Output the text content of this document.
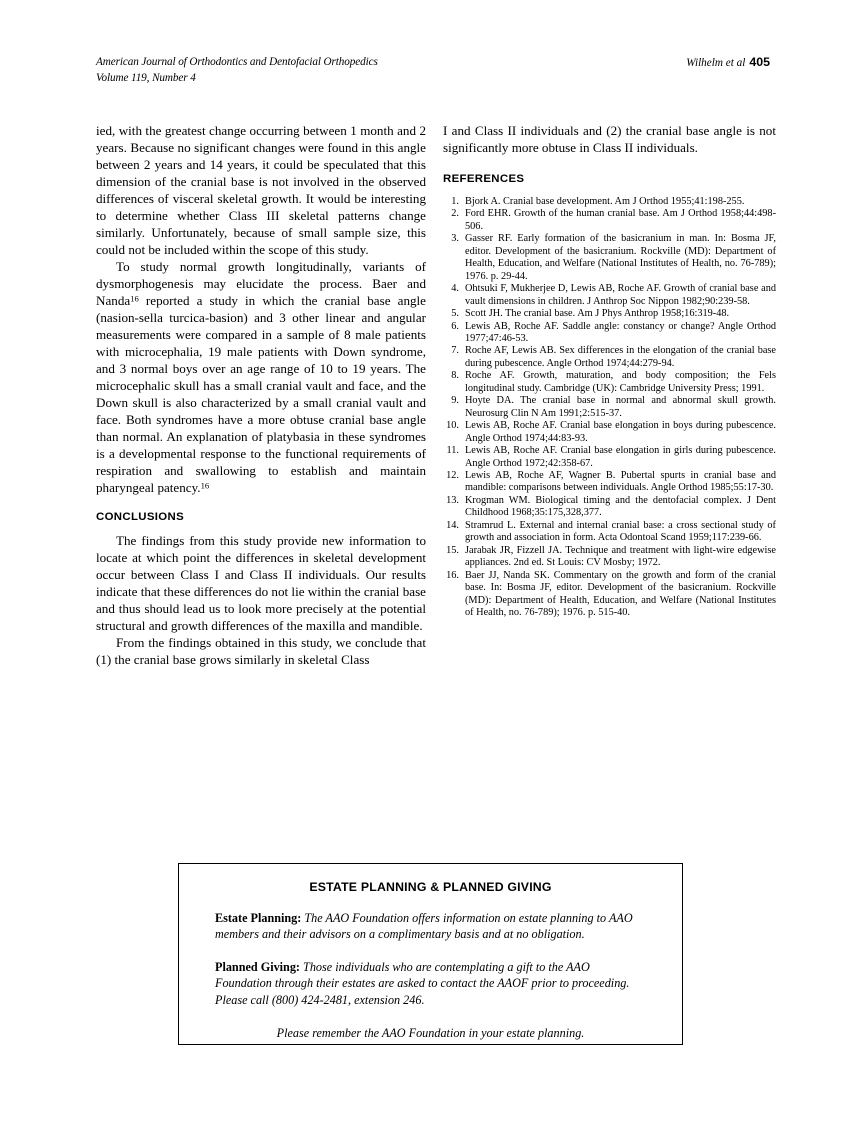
American Journal of Orthodontics and Dentofacial Orthopedics
Volume 119, Number 4
Wilhelm et al 405

ied, with the greatest change occurring between 1 month and 2 years. Because no significant changes were found in this angle between 2 years and 14 years, it could be speculated that this dimension of the cranial base is not involved in the observed differences of visceral skeletal growth. It would be interesting to determine whether Class III skeletal patterns change similarly. Unfortunately, because of small sample size, this could not be included within the scope of this study.

To study normal growth longitudinally, variants of dysmorphogenesis may elucidate the process. Baer and Nanda$^{16}$ reported a study in which the cranial base angle (nasion-sella turcica-basion) and 3 other linear and angular measurements were compared in a sample of 8 male patients with microcephalia, 19 male patients with Down syndrome, and 3 normal boys over an age range of 10 to 19 years. The microcephalic skull has a small cranial vault and face, and the Down skull is also characterized by a small cranial vault and face. Both syndromes have a more obtuse cranial base angle than normal. An explanation of platybasia in these syndromes is a developmental response to the functional requirements of respiration and swallowing to establish and maintain pharyngeal patency.$^{16}$

CONCLUSIONS

The findings from this study provide new information to locate at which point the differences in skeletal development occur between Class I and Class II individuals. Our results indicate that these differences do not lie within the cranial base and thus should lead us to look more precisely at the potential structural and growth differences of the maxilla and mandible.

From the findings obtained in this study, we conclude that (1) the cranial base grows similarly in skeletal Class

I and Class II individuals and (2) the cranial base angle is not significantly more obtuse in Class II individuals.

REFERENCES
1. Bjork A. Cranial base development. Am J Orthod 1955;41:198-255.
2. Ford EHR. Growth of the human cranial base. Am J Orthod 1958;44:498-506.
3. Gasser RF. Early formation of the basicranium in man. In: Bosma JF, editor. Development of the basicranium. Rockville (MD): Department of Health, Education, and Welfare (National Institutes of Health, no. 76-789); 1976. p. 29-44.
4. Ohtsuki F, Mukherjee D, Lewis AB, Roche AF. Growth of cranial base and vault dimensions in children. J Anthrop Soc Nippon 1982;90:239-58.
5. Scott JH. The cranial base. Am J Phys Anthrop 1958;16:319-48.
6. Lewis AB, Roche AF. Saddle angle: constancy or change? Angle Orthod 1977;47:46-53.
7. Roche AF, Lewis AB. Sex differences in the elongation of the cranial base during pubescence. Angle Orthod 1974;44:279-94.
8. Roche AF. Growth, maturation, and body composition; the Fels longitudinal study. Cambridge (UK): Cambridge University Press; 1991.
9. Hoyte DA. The cranial base in normal and abnormal skull growth. Neurosurg Clin N Am 1991;2:515-37.
10. Lewis AB, Roche AF. Cranial base elongation in boys during pubescence. Angle Orthod 1974;44:83-93.
11. Lewis AB, Roche AF. Cranial base elongation in girls during pubescence. Angle Orthod 1972;42:358-67.
12. Lewis AB, Roche AF, Wagner B. Pubertal spurts in cranial base and mandible: comparisons between individuals. Angle Orthod 1985;55:17-30.
13. Krogman WM. Biological timing and the dentofacial complex. J Dent Childhood 1968;35:175,328,377.
14. Stramrud L. External and internal cranial base: a cross sectional study of growth and association in form. Acta Odontoal Scand 1959;117:239-66.
15. Jarabak JR, Fizzell JA. Technique and treatment with light-wire edgewise appliances. 2nd ed. St Louis: CV Mosby; 1972.
16. Baer JJ, Nanda SK. Commentary on the growth and form of the cranial base. In: Bosma JF, editor. Development of the basicranium. Rockville (MD): Department of Health, Education, and Welfare (National Institutes of Health, no. 76-789); 1976. p. 515-40.
ESTATE PLANNING & PLANNED GIVING

Estate Planning: The AAO Foundation offers information on estate planning to AAO members and their advisors on a complimentary basis and at no obligation.

Planned Giving: Those individuals who are contemplating a gift to the AAO Foundation through their estates are asked to contact the AAOF prior to proceeding. Please call (800) 424-2481, extension 246.

Please remember the AAO Foundation in your estate planning.
